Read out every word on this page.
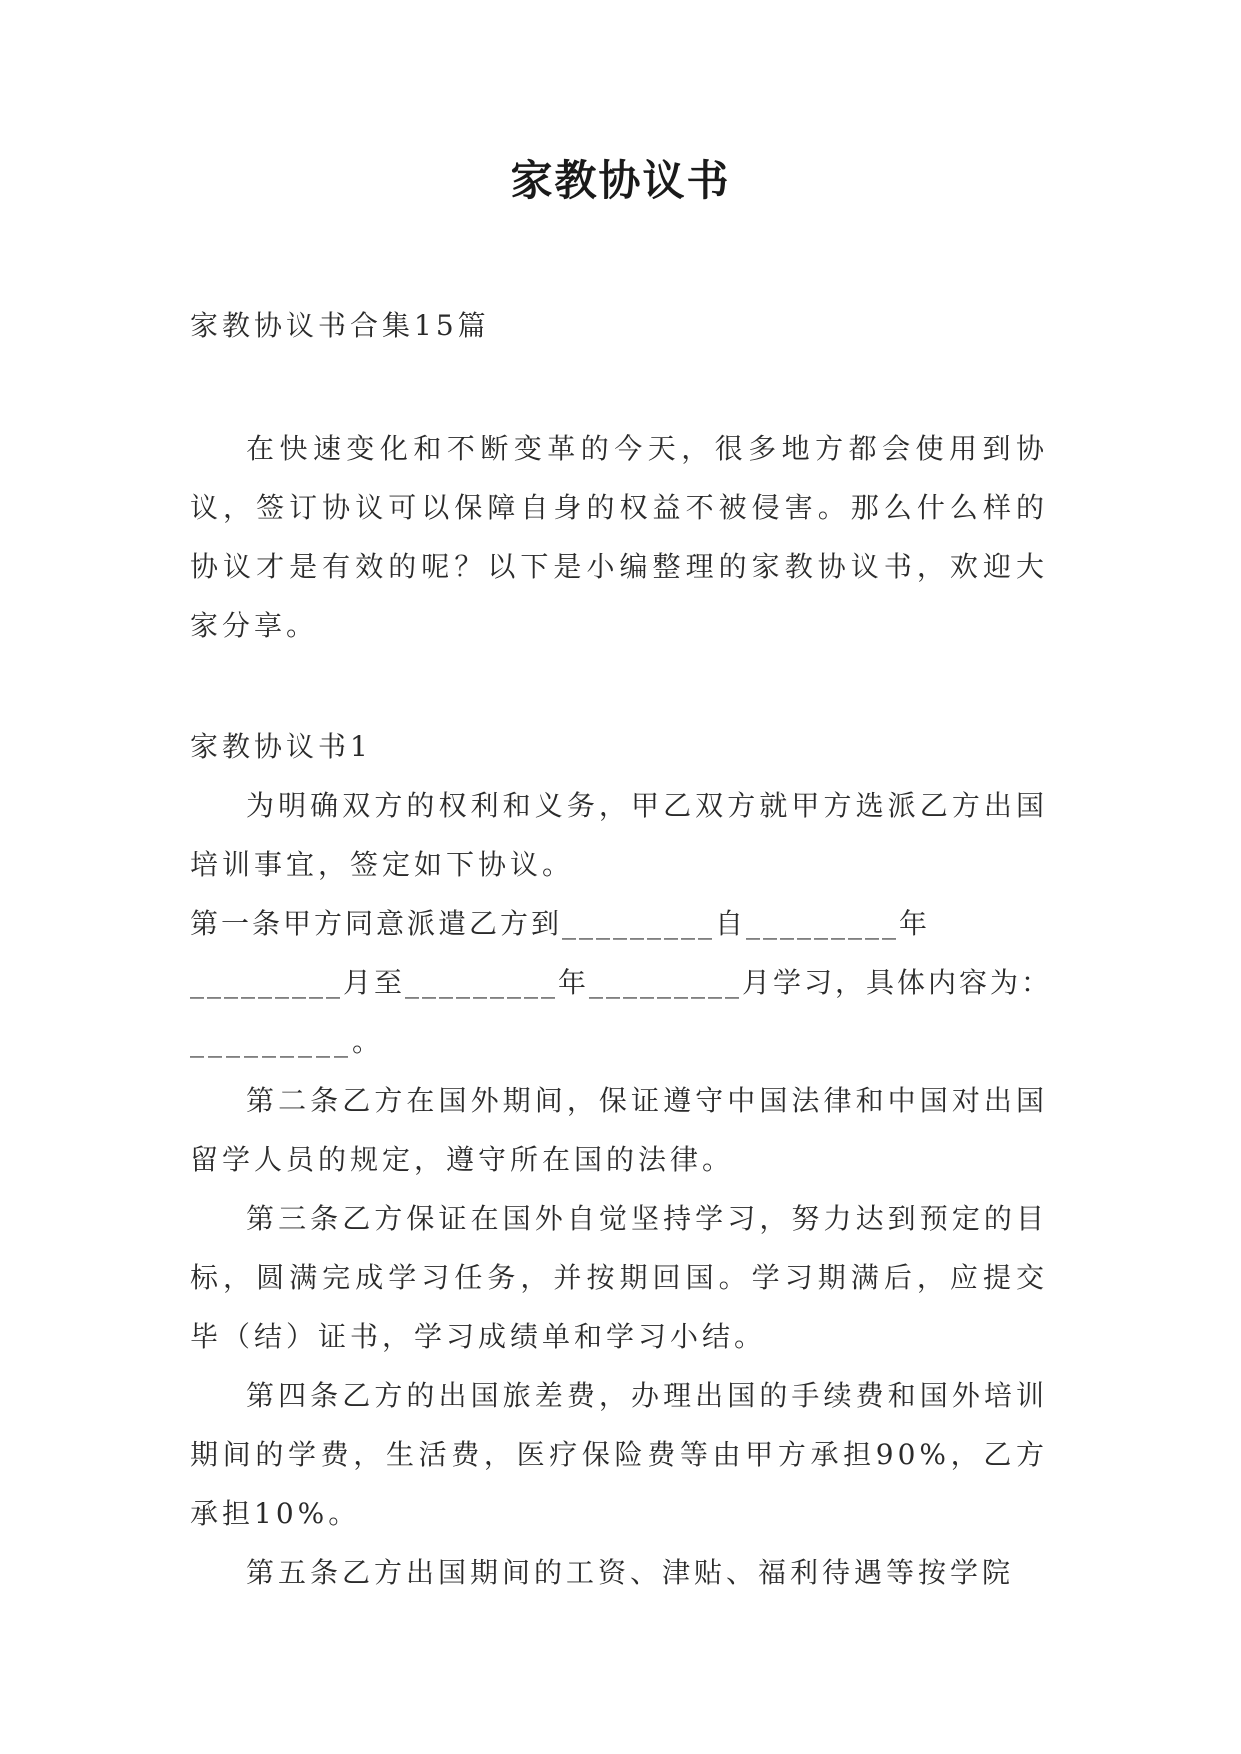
家教协议书

家教协议书合集15篇

在快速变化和不断变革的今天，很多地方都会使用到协议，签订协议可以保障自身的权益不被侵害。那么什么样的协议才是有效的呢？以下是小编整理的家教协议书，欢迎大家分享。

家教协议书1

为明确双方的权利和义务，甲乙双方就甲方选派乙方出国培训事宜，签定如下协议。

第一条甲方同意派遣乙方到_________自_________年

_________月至_________年_________月学习，具体内容为：

_________。

第二条乙方在国外期间，保证遵守中国法律和中国对出国留学人员的规定，遵守所在国的法律。

第三条乙方保证在国外自觉坚持学习，努力达到预定的目标，圆满完成学习任务，并按期回国。学习期满后，应提交毕（结）证书，学习成绩单和学习小结。

第四条乙方的出国旅差费，办理出国的手续费和国外培训期间的学费，生活费，医疗保险费等由甲方承担90%，乙方承担10%。

第五条乙方出国期间的工资、津贴、福利待遇等按学院
